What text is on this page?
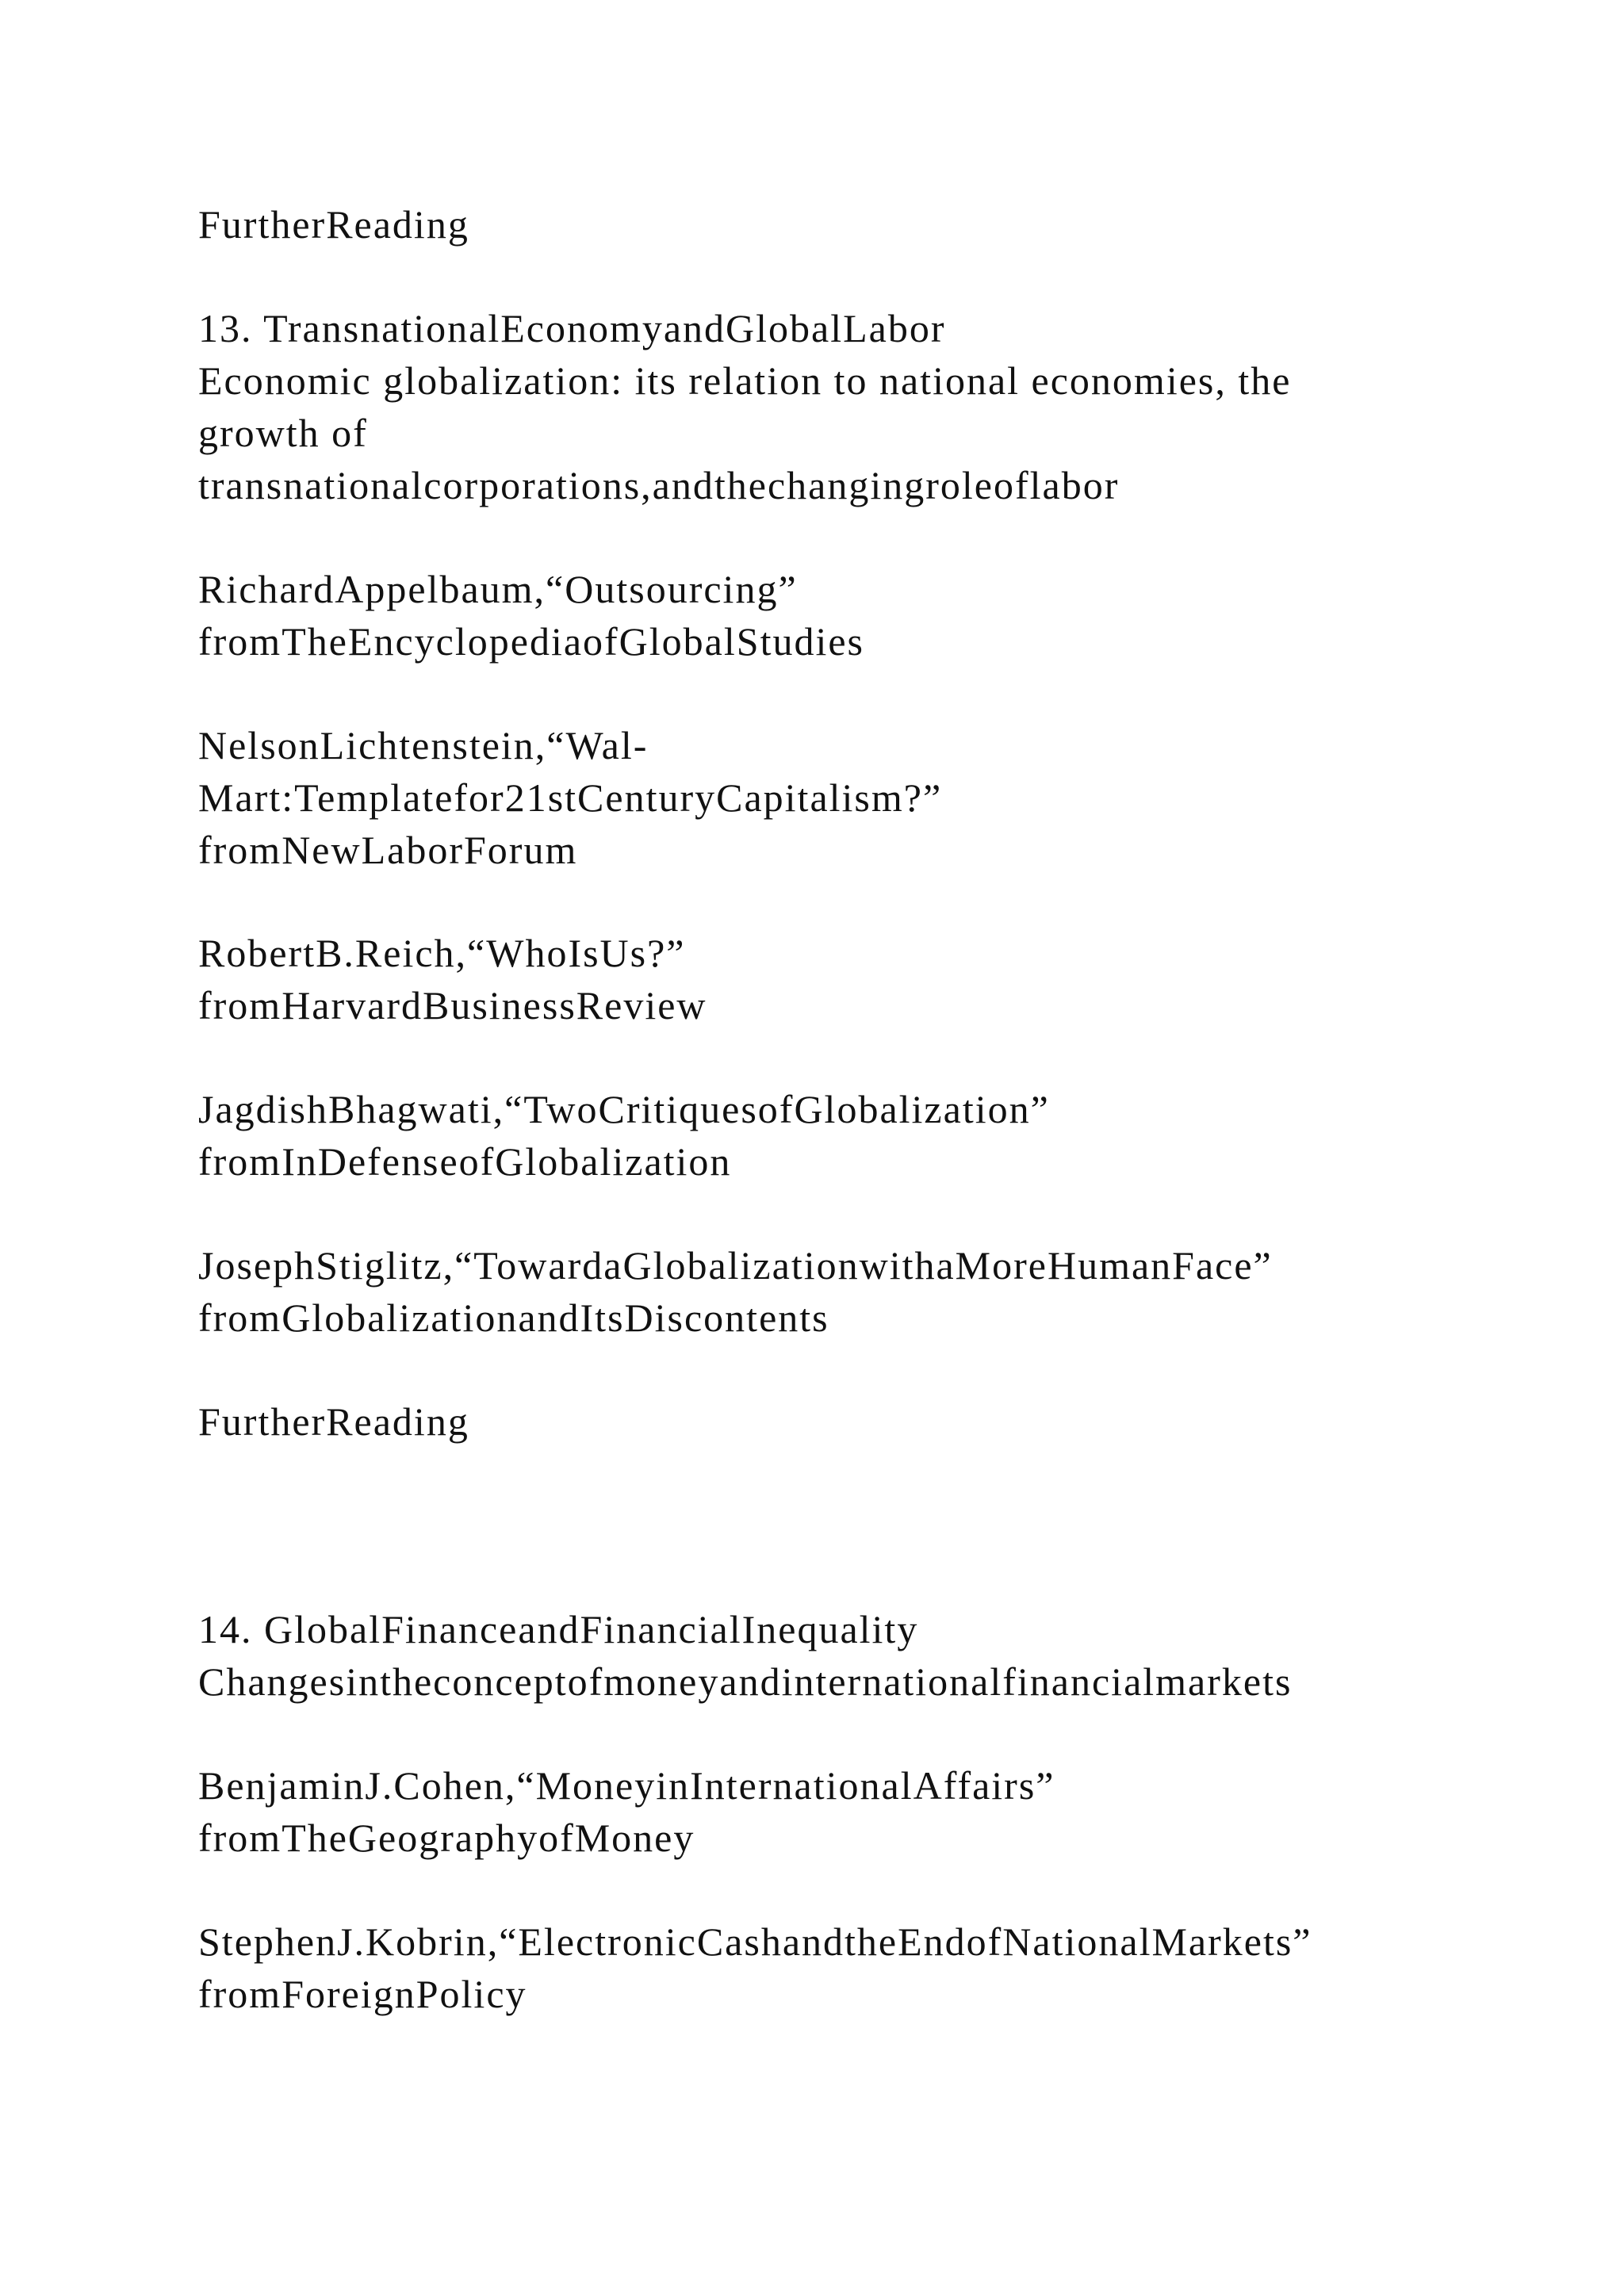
FurtherReading

13. TransnationalEconomyandGlobalLabor
Economic globalization: its relation to national economies, the
growth of
transnationalcorporations,andthechangingroleoflabor

RichardAppelbaum,“Outsourcing”
fromTheEncyclopediaofGlobalStudies

NelsonLichtenstein,“Wal-
Mart:Templatefor21stCenturyCapitalism?”
fromNewLaborForum

RobertB.Reich,“WhoIsUs?”
fromHarvardBusinessReview

JagdishBhagwati,“TwoCritiquesofGlobalization”
fromInDefenseofGlobalization

JosephStiglitz,“TowardaGlobalizationwithaMoreHumanFace”
fromGlobalizationandItsDiscontents

FurtherReading

14. GlobalFinanceandFinancialInequality
Changesintheconceptofmoneyandinternationalfinancialmarkets

BenjaminJ.Cohen,“MoneyinInternationalAffairs”
fromTheGeographyofMoney

StephenJ.Kobrin,“ElectronicCashandtheEndofNationalMarkets”
fromForeignPolicy
